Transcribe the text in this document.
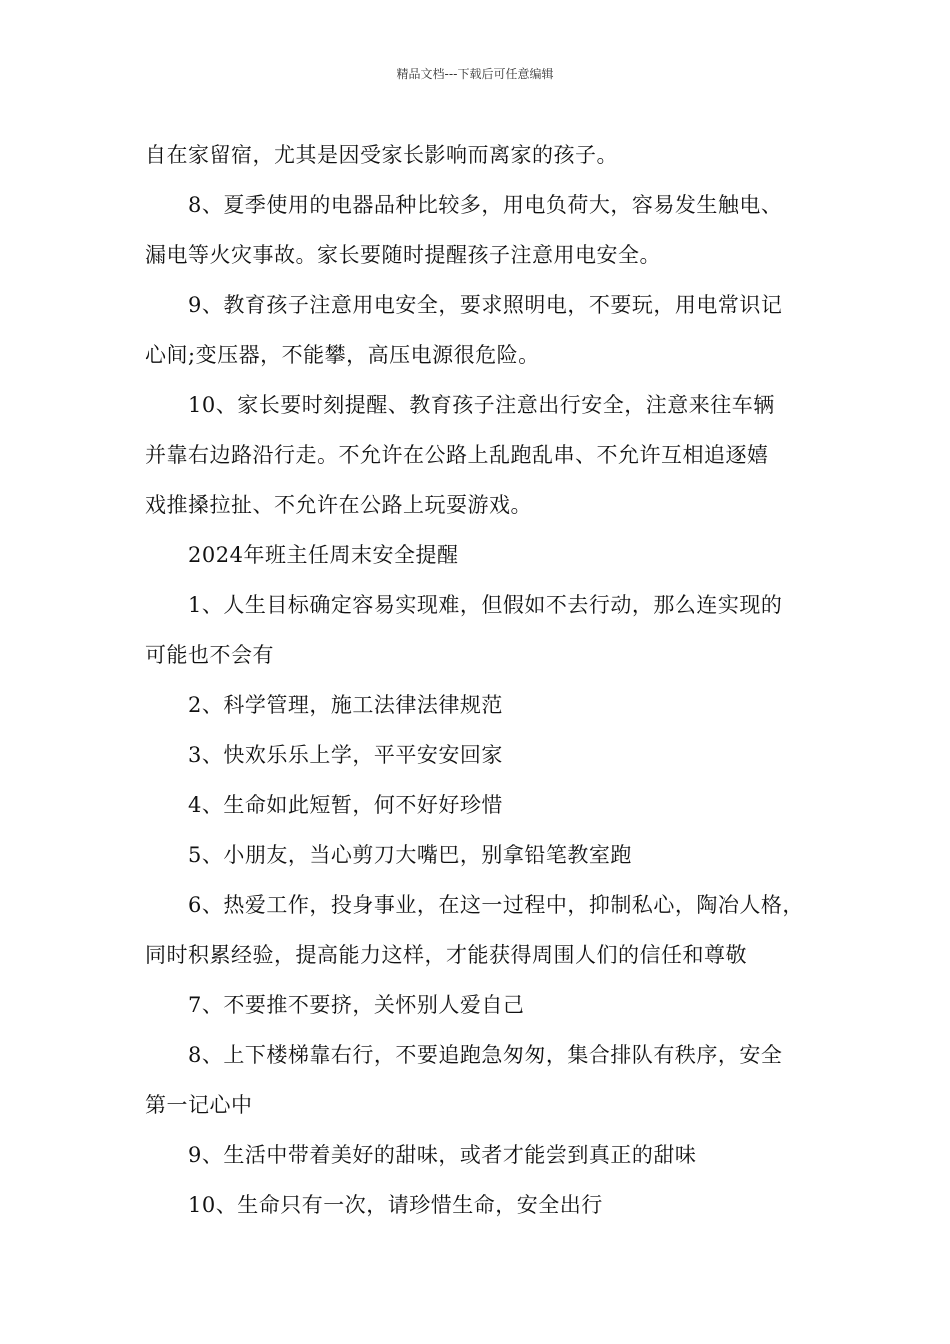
精品文档---下载后可任意编辑
自在家留宿，尤其是因受家长影响而离家的孩子。
8、夏季使用的电器品种比较多，用电负荷大，容易发生触电、
漏电等火灾事故。家长要随时提醒孩子注意用电安全。
9、教育孩子注意用电安全，要求照明电，不要玩，用电常识记
心间;变压器，不能攀，高压电源很危险。
10、家长要时刻提醒、教育孩子注意出行安全，注意来往车辆
并靠右边路沿行走。不允许在公路上乱跑乱串、不允许互相追逐嬉
戏推搡拉扯、不允许在公路上玩耍游戏。
2024年班主任周末安全提醒
1、人生目标确定容易实现难，但假如不去行动，那么连实现的
可能也不会有
2、科学管理，施工法律法律规范
3、快欢乐乐上学，平平安安回家
4、生命如此短暂，何不好好珍惜
5、小朋友，当心剪刀大嘴巴，别拿铅笔教室跑
6、热爱工作，投身事业，在这一过程中，抑制私心，陶冶人格，
同时积累经验，提高能力这样，才能获得周围人们的信任和尊敬
7、不要推不要挤，关怀别人爱自己
8、上下楼梯靠右行，不要追跑急匆匆，集合排队有秩序，安全
第一记心中
9、生活中带着美好的甜味，或者才能尝到真正的甜味
10、生命只有一次，请珍惜生命，安全出行
